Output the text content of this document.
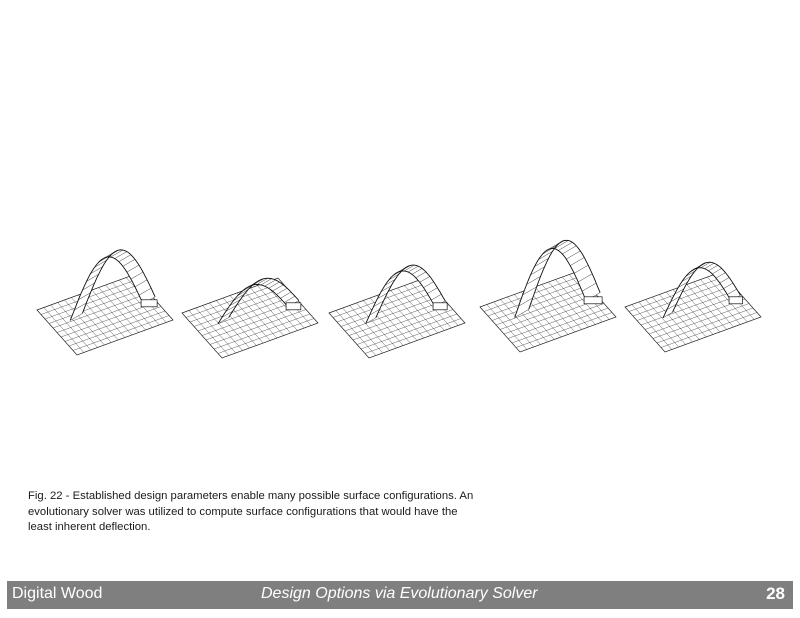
Fig. 22 - Established design parameters enable many possible surface configurations. An
evolutionary solver was utilized to compute surface configurations that would have the
least inherent deflection.

Digital Wood	Design Options via Evolutionary Solver	28
